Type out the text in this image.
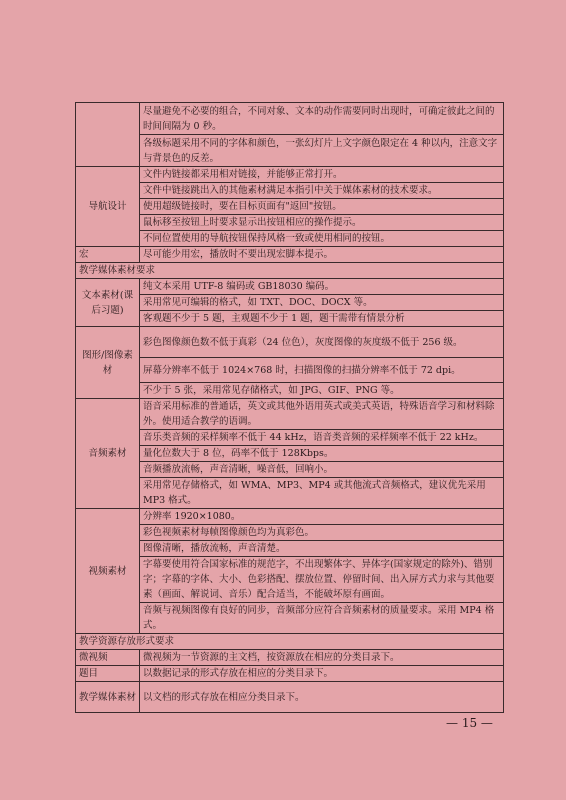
	尽量避免不必要的组合，不同对象、文本的动作需要同时出现时，可确定彼此之间的时间间隔为 0 秒。
	各级标题采用不同的字体和颜色，一张幻灯片上文字颜色限定在 4 种以内，注意文字与背景色的反差。
导航设计	文件内链接都采用相对链接，并能够正常打开。
	文件中链接跳出入的其他素材满足本指引中关于媒体素材的技术要求。
	使用超级链接时，要在目标页面有"返回"按钮。
	鼠标移至按钮上时要求显示出按钮相应的操作提示。
	不同位置使用的导航按钮保持风格一致或使用相同的按钮。
宏	尽可能少用宏，播放时不要出现宏脚本提示。
教学媒体素材要求	
文本素材(课后习题)	纯文本采用 UTF-8 编码或 GB18030 编码。
	采用常见可编辑的格式，如 TXT、DOC、DOCX 等。
	客观题不少于 5 题，主观题不少于 1 题，题干需带有情景分析
图形/图像素材	彩色图像颜色数不低于真彩（24 位色），灰度图像的灰度级不低于 256 级。
	屏幕分辨率不低于 1024×768 时，扫描图像的扫描分辨率不低于 72 dpi。
	不少于 5 张，采用常见存储格式，如 JPG、GIF、PNG 等。
音频素材	语音采用标准的普通话，英文或其他外语用英式或美式英语，特殊语音学习和材料除外。使用适合教学的语调。
	音乐类音频的采样频率不低于 44 kHz，语音类音频的采样频率不低于 22 kHz。
	量化位数大于 8 位，码率不低于 128Kbps。
	音频播放流畅，声音清晰，噪音低，回响小。
	采用常见存储格式，如 WMA、MP3、MP4 或其他流式音频格式，建议优先采用 MP3 格式。
视频素材	分辨率 1920×1080。
	彩色视频素材每帧图像颜色均为真彩色。
	图像清晰，播放流畅，声音清楚。
	字幕要使用符合国家标准的规范字，不出现繁体字、异体字(国家规定的除外)、错别字；字幕的字体、大小、色彩搭配、摆放位置、停留时间、出入屏方式力求与其他要素（画面、解说词、音乐）配合适当，不能破坏原有画面。
	音频与视频图像有良好的同步，音频部分应符合音频素材的质量要求。采用 MP4 格式。
教学资源存放形式要求	
微视频	微视频为一节资源的主文档，按资源放在相应的分类目录下。
题目	以数据记录的形式存放在相应的分类目录下。
教学媒体素材	以文档的形式存放在相应分类目录下。
— 15 —
